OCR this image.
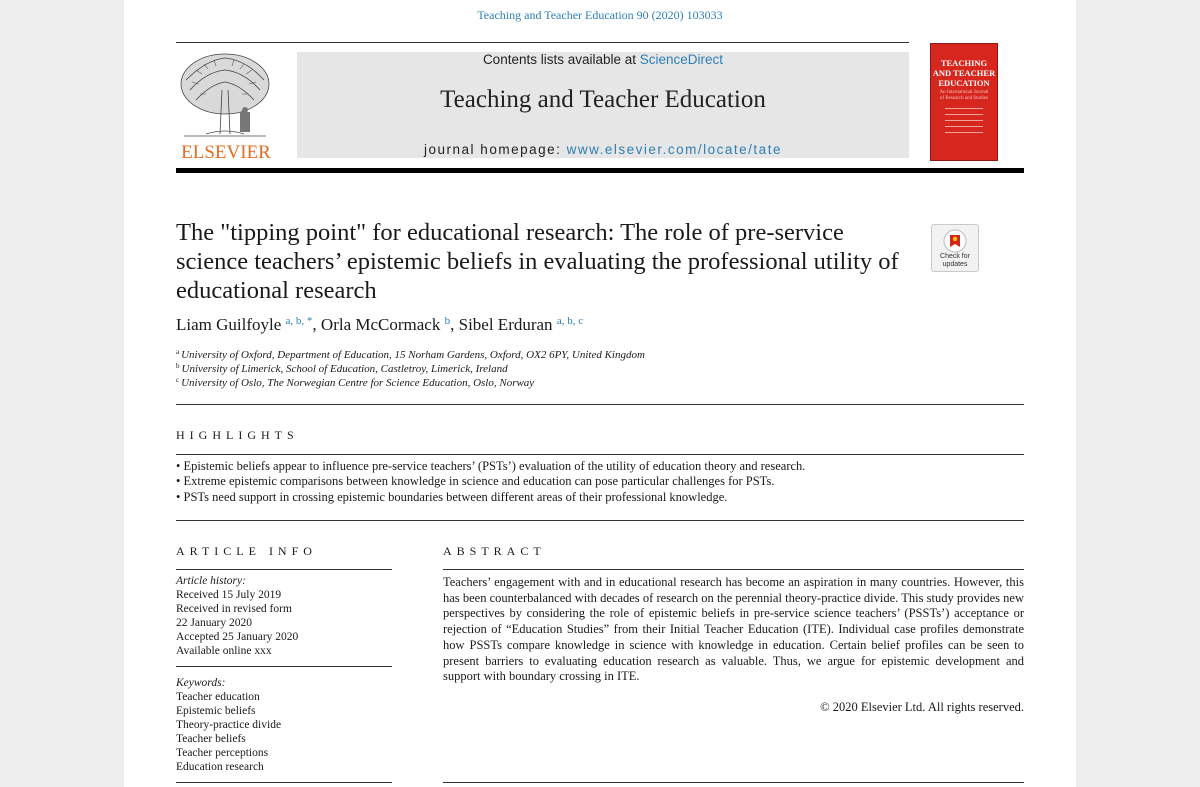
Teaching and Teacher Education 90 (2020) 103033
ELSEVIER
Contents lists available at ScienceDirect
Teaching and Teacher Education
journal homepage: www.elsevier.com/locate/tate
TEACHING
AND TEACHER
EDUCATION
An International Journal of Research and Studies
The "tipping point" for educational research: The role of pre-service science teachers’ epistemic beliefs in evaluating the professional utility of educational research
Check for updates
Liam Guilfoyle $^{a, b, *}$, Orla McCormack $^b$, Sibel Erduran $^{a, b, c}$
$^a$ University of Oxford, Department of Education, 15 Norham Gardens, Oxford, OX2 6PY, United Kingdom
$^b$ University of Limerick, School of Education, Castletroy, Limerick, Ireland
$^c$ University of Oslo, The Norwegian Centre for Science Education, Oslo, Norway
HIGHLIGHTS
• Epistemic beliefs appear to influence pre-service teachers’ (PSTs’) evaluation of the utility of education theory and research.
• Extreme epistemic comparisons between knowledge in science and education can pose particular challenges for PSTs.
• PSTs need support in crossing epistemic boundaries between different areas of their professional knowledge.
ARTICLE INFO
Article history:
Received 15 July 2019
Received in revised form
22 January 2020
Accepted 25 January 2020
Available online xxx
Keywords:
Teacher education
Epistemic beliefs
Theory-practice divide
Teacher beliefs
Teacher perceptions
Education research
ABSTRACT
Teachers’ engagement with and in educational research has become an aspiration in many countries. However, this has been counterbalanced with decades of research on the perennial theory-practice divide. This study provides new perspectives by considering the role of epistemic beliefs in pre-service science teachers’ (PSSTs’) acceptance or rejection of “Education Studies” from their Initial Teacher Education (ITE). Individual case profiles demonstrate how PSSTs compare knowledge in science with knowledge in education. Certain belief profiles can be seen to present barriers to evaluating education research as valuable. Thus, we argue for epistemic development and support with boundary crossing in ITE.
© 2020 Elsevier Ltd. All rights reserved.
